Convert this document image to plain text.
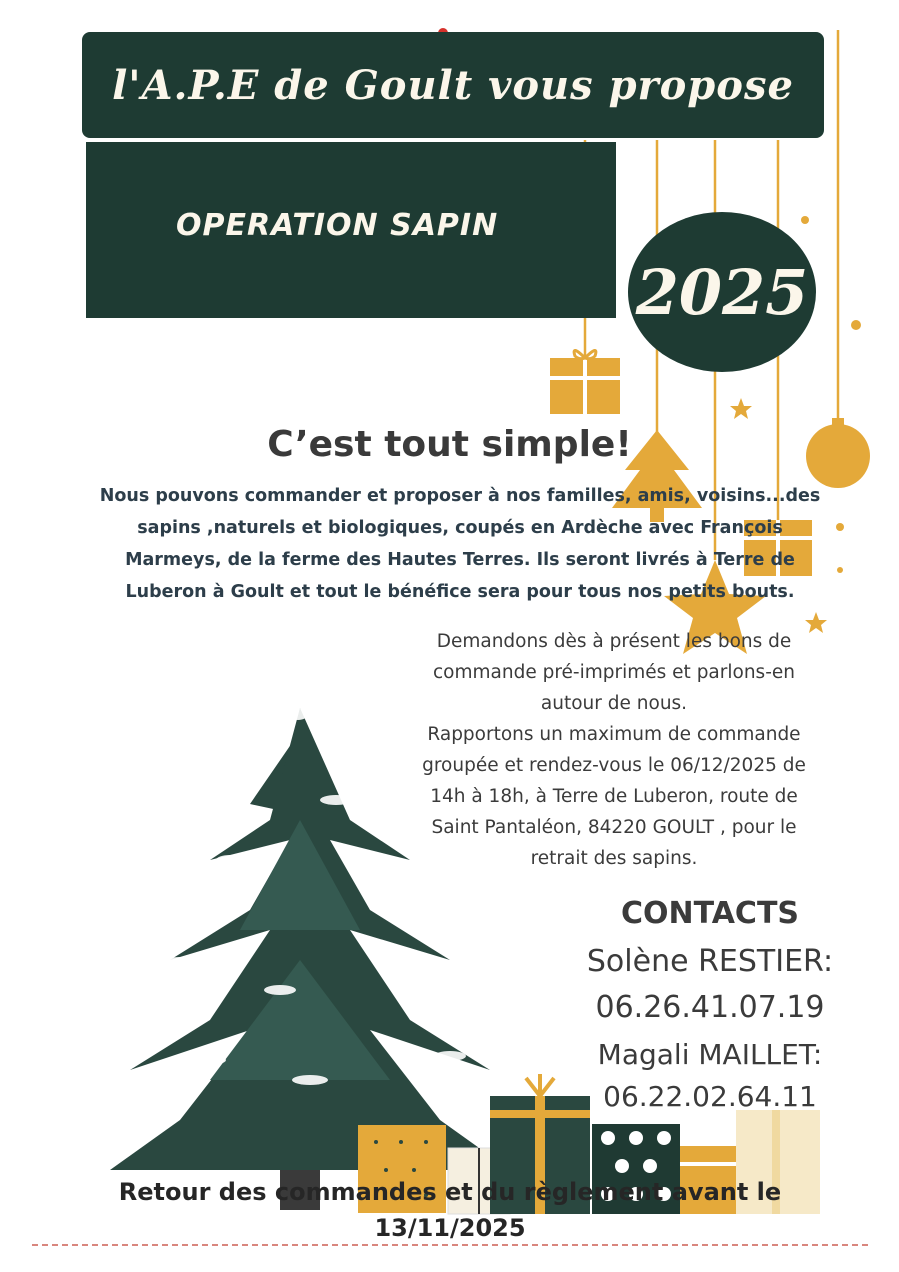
l'A.P.E de Goult vous propose
OPERATION SAPIN
2025
C’est tout simple!
Nous pouvons commander et proposer à nos familles, amis, voisins...des
sapins ,naturels et biologiques, coupés en Ardèche avec François
Marmeys, de la ferme des Hautes Terres. Ils seront livrés à Terre de
Luberon à Goult et tout le bénéfice sera pour tous nos petits bouts.
Demandons dès à présent les bons de
commande pré-imprimés et parlons-en
autour de nous.
Rapportons un maximum de commande
groupée et rendez-vous le 06/12/2025 de
14h à 18h, à Terre de Luberon, route de
Saint Pantaléon, 84220 GOULT , pour le
retrait des sapins.
CONTACTS
Solène RESTIER:
06.26.41.07.19
Magali MAILLET:
06.22.02.64.11
Retour des commandes et du règlement avant le
13/11/2025
